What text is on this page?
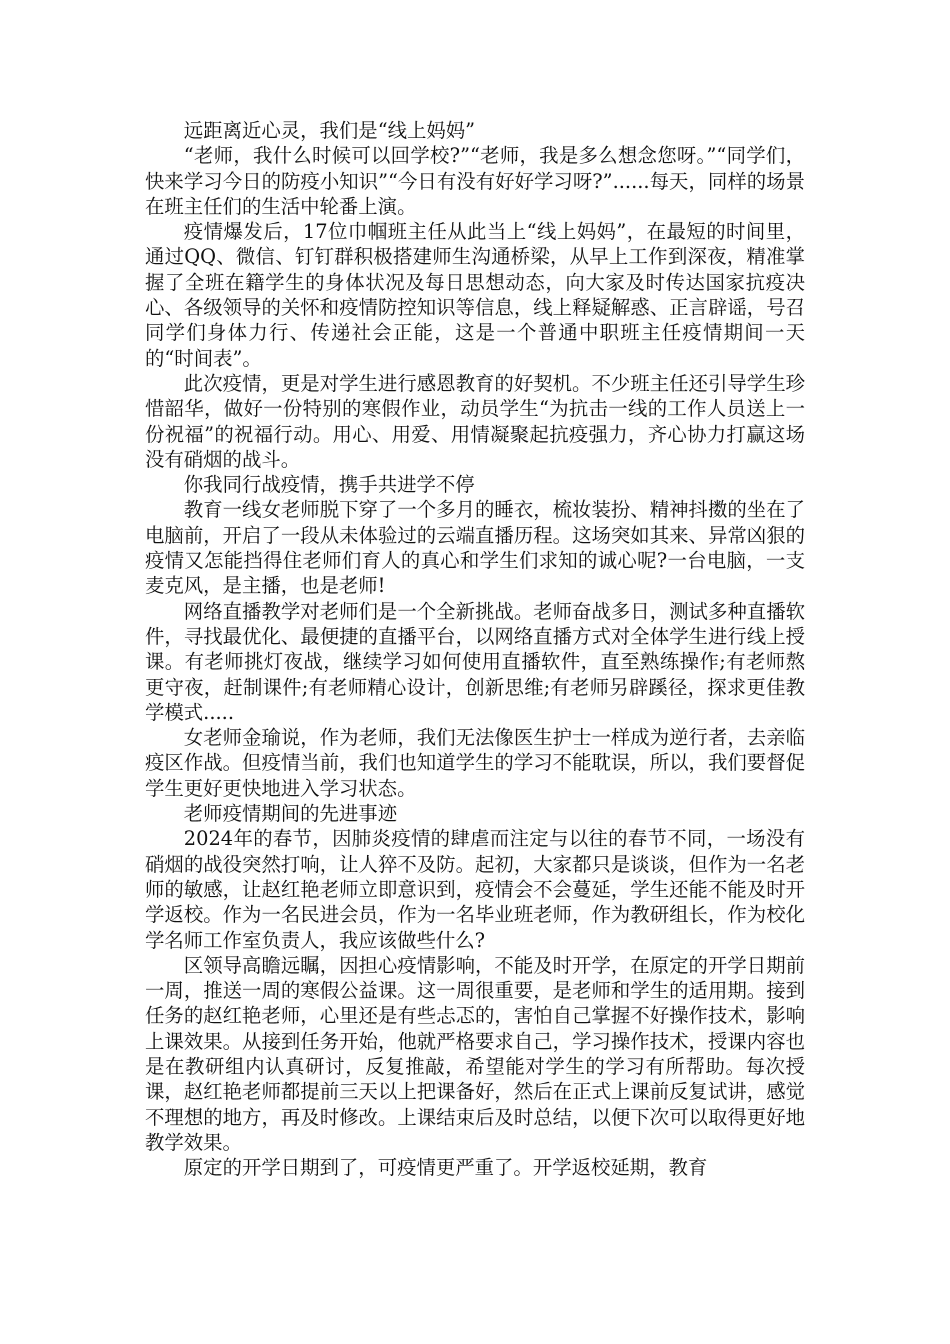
远距离近心灵，我们是“线上妈妈”

“老师，我什么时候可以回学校?”“老师，我是多么想念您呀。”“同学们，快来学习今日的防疫小知识”“今日有没有好好学习呀?”......每天，同样的场景在班主任们的生活中轮番上演。

疫情爆发后，17位巾帼班主任从此当上“线上妈妈”，在最短的时间里，通过QQ、微信、钉钉群积极搭建师生沟通桥梁，从早上工作到深夜，精准掌握了全班在籍学生的身体状况及每日思想动态，向大家及时传达国家抗疫决心、各级领导的关怀和疫情防控知识等信息，线上释疑解惑、正言辟谣，号召同学们身体力行、传递社会正能，这是一个普通中职班主任疫情期间一天的“时间表”。

此次疫情，更是对学生进行感恩教育的好契机。不少班主任还引导学生珍惜韶华，做好一份特别的寒假作业，动员学生“为抗击一线的工作人员送上一份祝福”的祝福行动。用心、用爱、用情凝聚起抗疫强力，齐心协力打赢这场没有硝烟的战斗。

你我同行战疫情，携手共进学不停

教育一线女老师脱下穿了一个多月的睡衣，梳妆装扮、精神抖擞的坐在了电脑前，开启了一段从未体验过的云端直播历程。这场突如其来、异常凶狠的疫情又怎能挡得住老师们育人的真心和学生们求知的诚心呢?一台电脑，一支麦克风，是主播，也是老师!

网络直播教学对老师们是一个全新挑战。老师奋战多日，测试多种直播软件，寻找最优化、最便捷的直播平台，以网络直播方式对全体学生进行线上授课。有老师挑灯夜战，继续学习如何使用直播软件，直至熟练操作;有老师熬更守夜，赶制课件;有老师精心设计，创新思维;有老师另辟蹊径，探求更佳教学模式.....

女老师金瑜说，作为老师，我们无法像医生护士一样成为逆行者，去亲临疫区作战。但疫情当前，我们也知道学生的学习不能耽误，所以，我们要督促学生更好更快地进入学习状态。

老师疫情期间的先进事迹

2024年的春节，因肺炎疫情的肆虐而注定与以往的春节不同，一场没有硝烟的战役突然打响，让人猝不及防。起初，大家都只是谈谈，但作为一名老师的敏感，让赵红艳老师立即意识到，疫情会不会蔓延，学生还能不能及时开学返校。作为一名民进会员，作为一名毕业班老师，作为教研组长，作为校化学名师工作室负责人，我应该做些什么?

区领导高瞻远瞩，因担心疫情影响，不能及时开学，在原定的开学日期前一周，推送一周的寒假公益课。这一周很重要，是老师和学生的适用期。接到任务的赵红艳老师，心里还是有些忐忑的，害怕自己掌握不好操作技术，影响上课效果。从接到任务开始，他就严格要求自己，学习操作技术，授课内容也是在教研组内认真研讨，反复推敲，希望能对学生的学习有所帮助。每次授课，赵红艳老师都提前三天以上把课备好，然后在正式上课前反复试讲，感觉不理想的地方，再及时修改。上课结束后及时总结，以便下次可以取得更好地教学效果。

原定的开学日期到了，可疫情更严重了。开学返校延期，教育
